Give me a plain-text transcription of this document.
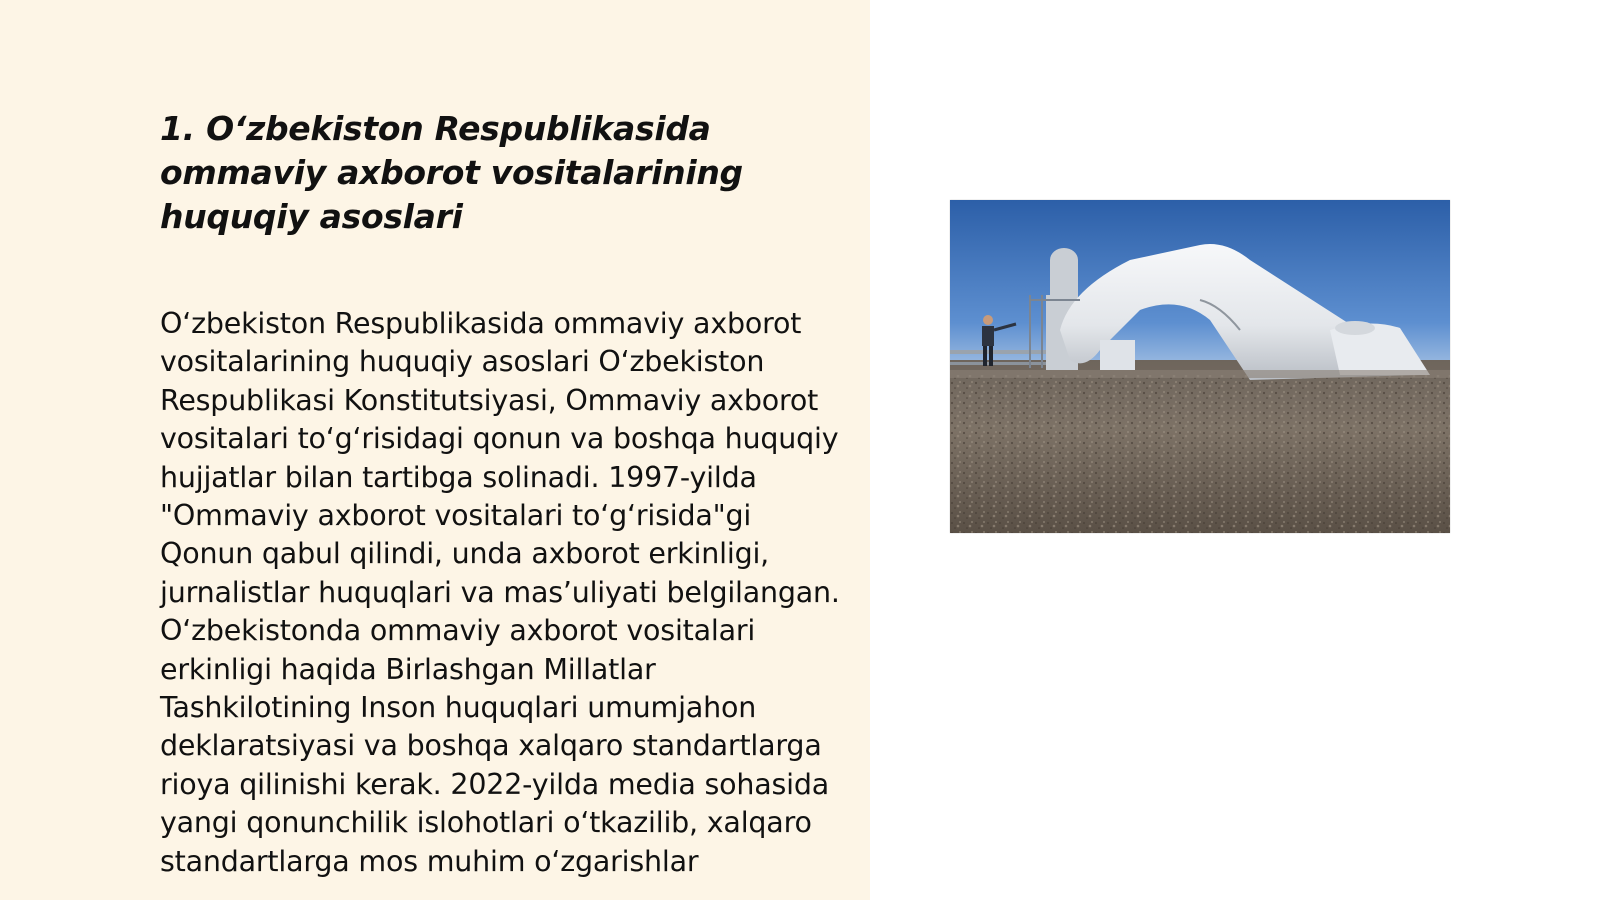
1. O‘zbekiston Respublikasida ommaviy axborot vositalarining huquqiy asoslari

O‘zbekiston Respublikasida ommaviy axborot vositalarining huquqiy asoslari O‘zbekiston Respublikasi Konstitutsiyasi, Ommaviy axborot vositalari to‘g‘risidagi qonun va boshqa huquqiy hujjatlar bilan tartibga solinadi. 1997-yilda "Ommaviy axborot vositalari to‘g‘risida"gi Qonun qabul qilindi, unda axborot erkinligi, jurnalistlar huquqlari va mas’uliyati belgilangan. O‘zbekistonda ommaviy axborot vositalari erkinligi haqida Birlashgan Millatlar Tashkilotining Inson huquqlari umumjahon deklaratsiyasi va boshqa xalqaro standartlarga rioya qilinishi kerak. 2022-yilda media sohasida yangi qonunchilik islohotlari o‘tkazilib, xalqaro standartlarga mos muhim o‘zgarishlar
